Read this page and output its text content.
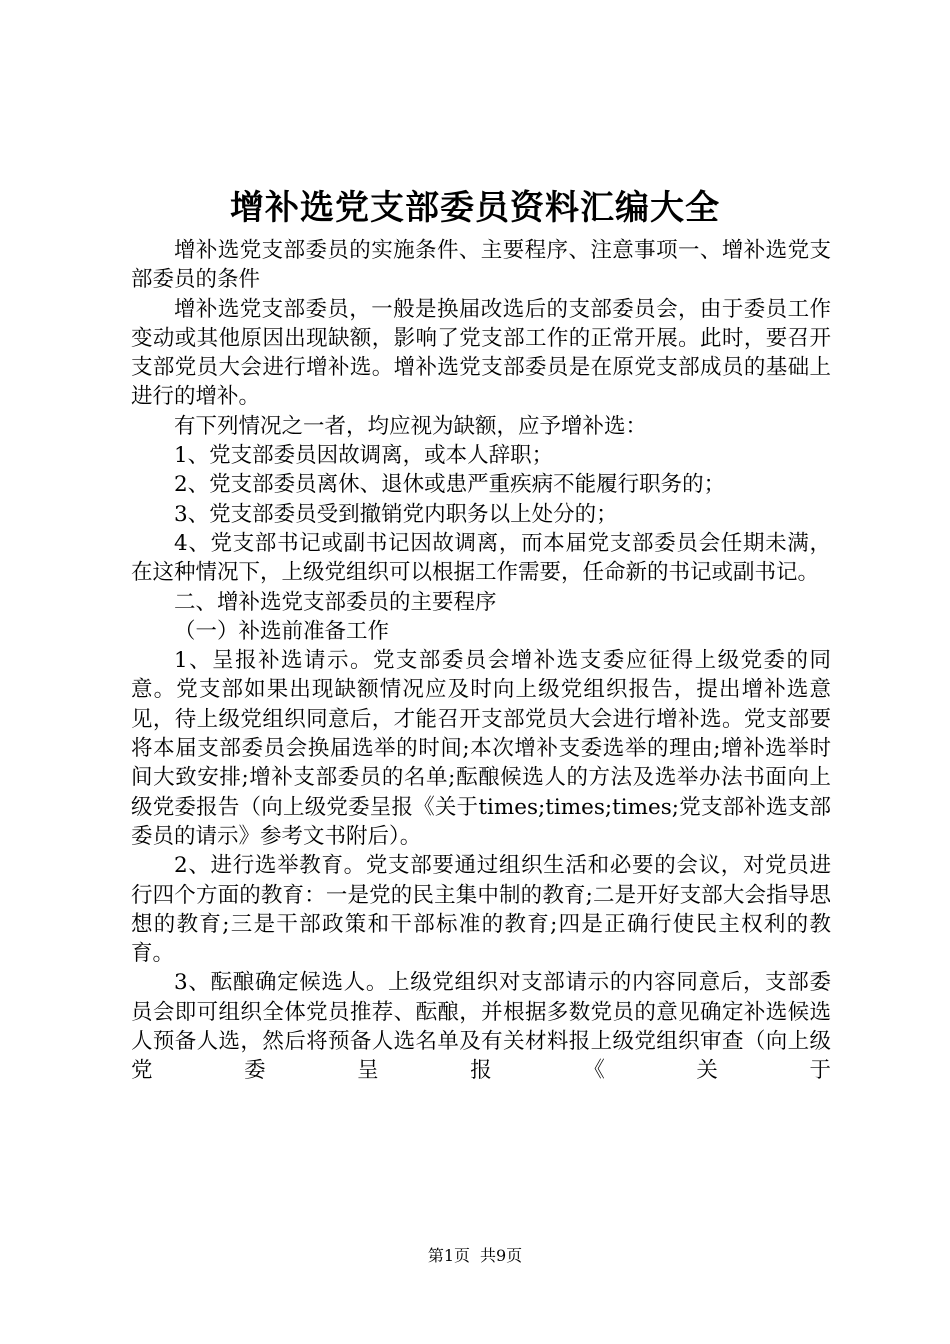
增补选党支部委员资料汇编大全

增补选党支部委员的实施条件、主要程序、注意事项一、增补选党支部委员的条件

增补选党支部委员，一般是换届改选后的支部委员会，由于委员工作变动或其他原因出现缺额，影响了党支部工作的正常开展。此时，要召开支部党员大会进行增补选。增补选党支部委员是在原党支部成员的基础上进行的增补。

有下列情况之一者，均应视为缺额，应予增补选：

1、党支部委员因故调离，或本人辞职；

2、党支部委员离休、退休或患严重疾病不能履行职务的；

3、党支部委员受到撤销党内职务以上处分的；

4、党支部书记或副书记因故调离，而本届党支部委员会任期未满，在这种情况下，上级党组织可以根据工作需要，任命新的书记或副书记。

二、增补选党支部委员的主要程序

（一）补选前准备工作

1、呈报补选请示。党支部委员会增补选支委应征得上级党委的同意。党支部如果出现缺额情况应及时向上级党组织报告，提出增补选意见，待上级党组织同意后，才能召开支部党员大会进行增补选。党支部要将本届支部委员会换届选举的时间;本次增补支委选举的理由;增补选举时间大致安排;增补支部委员的名单;酝酿候选人的方法及选举办法书面向上级党委报告（向上级党委呈报《关于times;times;times;党支部补选支部委员的请示》参考文书附后）。

2、进行选举教育。党支部要通过组织生活和必要的会议，对党员进行四个方面的教育：一是党的民主集中制的教育;二是开好支部大会指导思想的教育;三是干部政策和干部标准的教育;四是正确行使民主权利的教育。

3、酝酿确定候选人。上级党组织对支部请示的内容同意后，支部委员会即可组织全体党员推荐、酝酿，并根据多数党员的意见确定补选候选人预备人选，然后将预备人选名单及有关材料报上级党组织审查（向上级党委呈报《关于

第1页 共9页
